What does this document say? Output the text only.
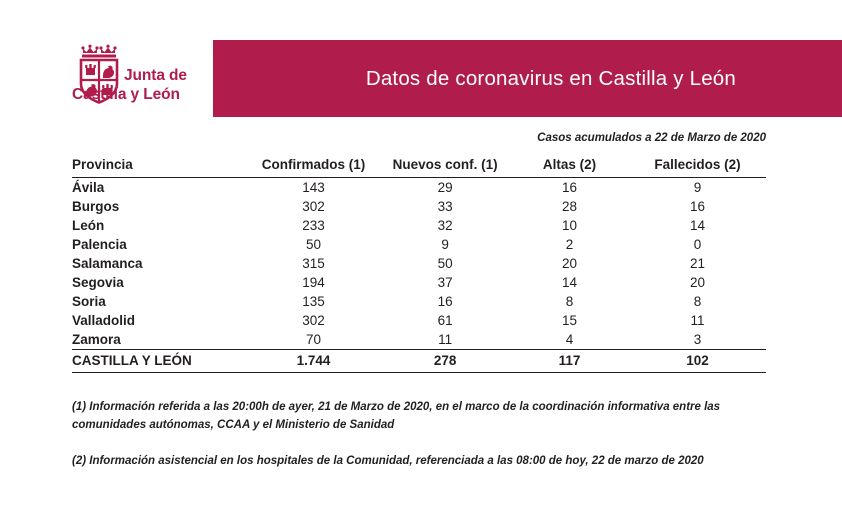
Datos de coronavirus en Castilla y León
Junta de
Castilla y León
Casos acumulados a 22 de Marzo de 2020
Provincia	Confirmados (1)	Nuevos conf. (1)	Altas (2)	Fallecidos (2)
Ávila	143	29	16	9
Burgos	302	33	28	16
León	233	32	10	14
Palencia	50	9	2	0
Salamanca	315	50	20	21
Segovia	194	37	14	20
Soria	135	16	8	8
Valladolid	302	61	15	11
Zamora	70	11	4	3
CASTILLA Y LEÓN	1.744	278	117	102
(1) Información referida a las 20:00h de ayer, 21 de Marzo de 2020, en el marco de la coordinación informativa entre las comunidades autónomas, CCAA y el Ministerio de Sanidad
(2) Información asistencial en los hospitales de la Comunidad, referenciada a las 08:00 de hoy, 22 de marzo de 2020
